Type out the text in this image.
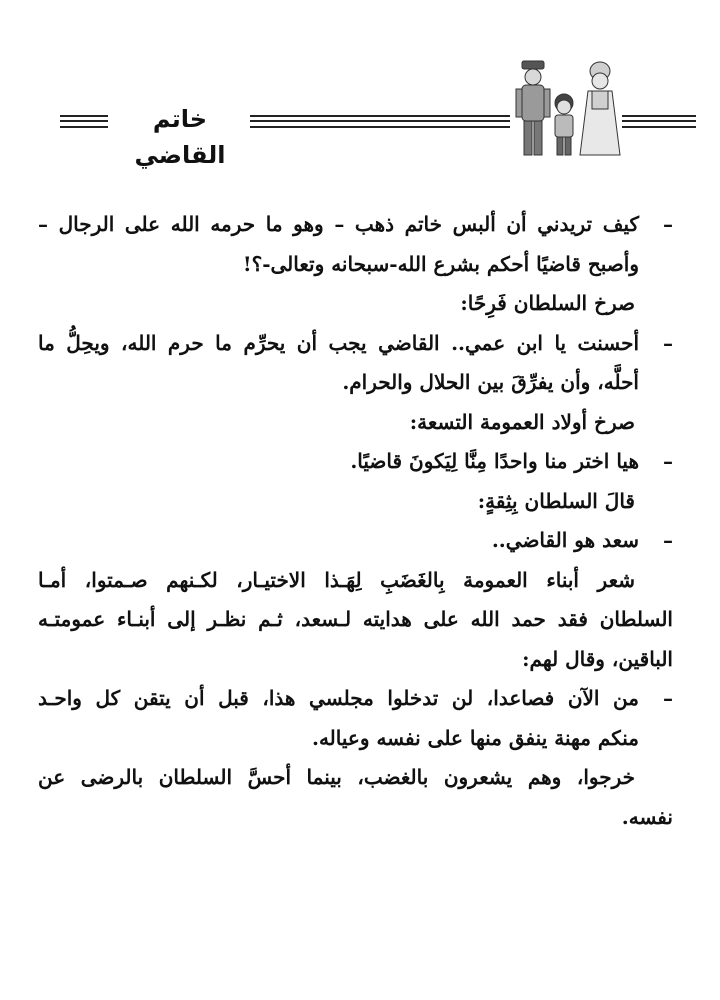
خاتم القاضي
–
كيف تريدني أن ألبس خاتم ذهب – وهو ما حرمه الله على الرجال –
وأصبح قاضيًا أحكم بشرع الله-سبحانه وتعالى-؟!
صرخ السلطان فَرِحًا:
–
أحسنت يا ابن عمي.. القاضي يجب أن يحرِّم ما حرم الله، ويحِلُّ ما
أحلَّه، وأن يفرِّقَ بين الحلال والحرام.
صرخ أولاد العمومة التسعة:
–
هيا اختر منا واحدًا مِنَّا لِيَكونَ قاضيًا.
قالَ السلطان بِثِقةٍ:
–
سعد هو القاضي..
شعر أبناء العمومة بِالغَضَبِ لِهَـذا الاختيـار، لكـنهم صـمتوا، أمـا
السلطان فقد حمد الله على هدايته لـسعد، ثـم نظـر إلى أبنـاء عمومتـه
الباقين، وقال لهم:
–
من الآن فصاعدا، لن تدخلوا مجلسي هذا، قبل أن يتقن كل واحـد
منكم مهنة ينفق منها على نفسه وعياله.
خرجوا، وهم يشعرون بالغضب، بينما أحسَّ السلطان بالرضى عن
نفسه.
